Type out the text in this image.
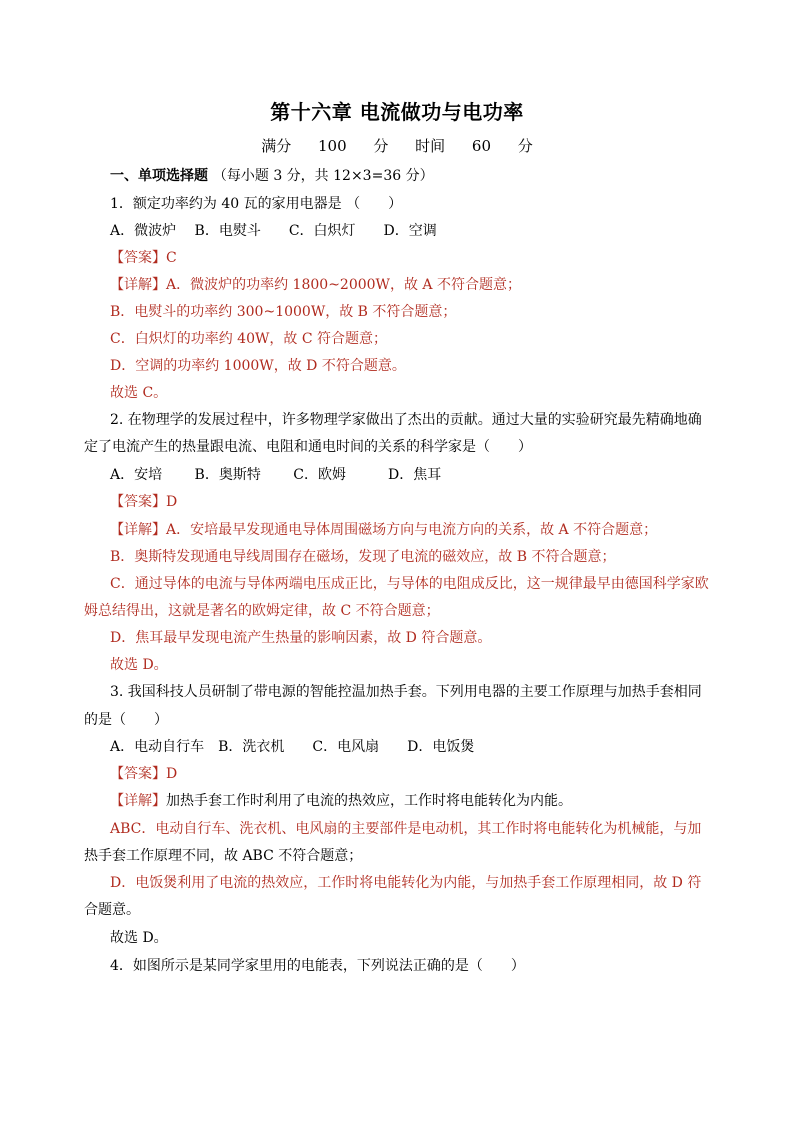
第十六章 电流做功与电功率
满分 100 分 时间 60 分
一、单项选择题 （每小题 3 分，共 12×3=36 分）
1．额定功率约为 40 瓦的家用电器是 （　　）
A．微波炉　 B．电熨斗　　C．白炽灯　　D．空调
【答案】C
【详解】A．微波炉的功率约 1800~2000W，故 A 不符合题意；
B．电熨斗的功率约 300~1000W，故 B 不符合题意；
C．白炽灯的功率约 40W，故 C 符合题意；
D．空调的功率约 1000W，故 D 不符合题意。
故选 C。
2. 在物理学的发展过程中，许多物理学家做出了杰出的贡献。通过大量的实验研究最先精确地确
定了电流产生的热量跟电流、电阻和通电时间的关系的科学家是（　　）
A．安培　　 B．奥斯特　　 C．欧姆　　　D．焦耳
【答案】D
【详解】A．安培最早发现通电导体周围磁场方向与电流方向的关系，故 A 不符合题意；
B．奥斯特发现通电导线周围存在磁场，发现了电流的磁效应，故 B 不符合题意；
C．通过导体的电流与导体两端电压成正比，与导体的电阻成反比，这一规律最早由德国科学家欧
姆总结得出，这就是著名的欧姆定律，故 C 不符合题意；
D．焦耳最早发现电流产生热量的影响因素，故 D 符合题意。
故选 D。
3. 我国科技人员研制了带电源的智能控温加热手套。下列用电器的主要工作原理与加热手套相同
的是（　　）
A．电动自行车　B．洗衣机　　C．电风扇　　D．电饭煲
【答案】D
【详解】加热手套工作时利用了电流的热效应，工作时将电能转化为内能。
ABC．电动自行车、洗衣机、电风扇的主要部件是电动机，其工作时将电能转化为机械能，与加
热手套工作原理不同，故 ABC 不符合题意；
D．电饭煲利用了电流的热效应，工作时将电能转化为内能，与加热手套工作原理相同，故 D 符
合题意。
故选 D。
4．如图所示是某同学家里用的电能表，下列说法正确的是（　　）
